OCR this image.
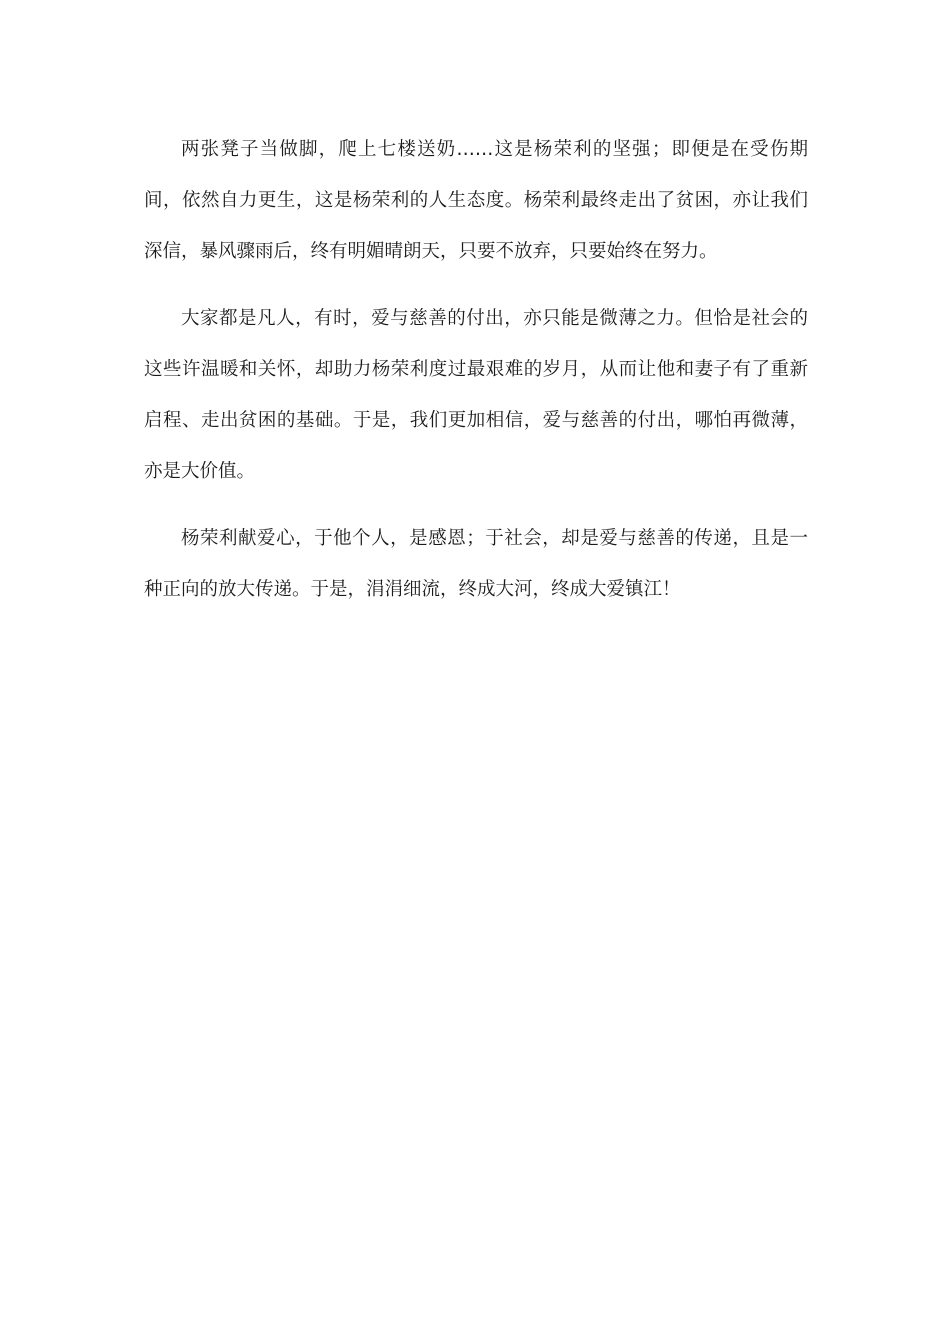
两张凳子当做脚，爬上七楼送奶……这是杨荣利的坚强；即便是在受伤期间，依然自力更生，这是杨荣利的人生态度。杨荣利最终走出了贫困，亦让我们深信，暴风骤雨后，终有明媚晴朗天，只要不放弃，只要始终在努力。

大家都是凡人，有时，爱与慈善的付出，亦只能是微薄之力。但恰是社会的这些许温暖和关怀，却助力杨荣利度过最艰难的岁月，从而让他和妻子有了重新启程、走出贫困的基础。于是，我们更加相信，爱与慈善的付出，哪怕再微薄，亦是大价值。

杨荣利献爱心，于他个人，是感恩；于社会，却是爱与慈善的传递，且是一种正向的放大传递。于是，涓涓细流，终成大河，终成大爱镇江！
